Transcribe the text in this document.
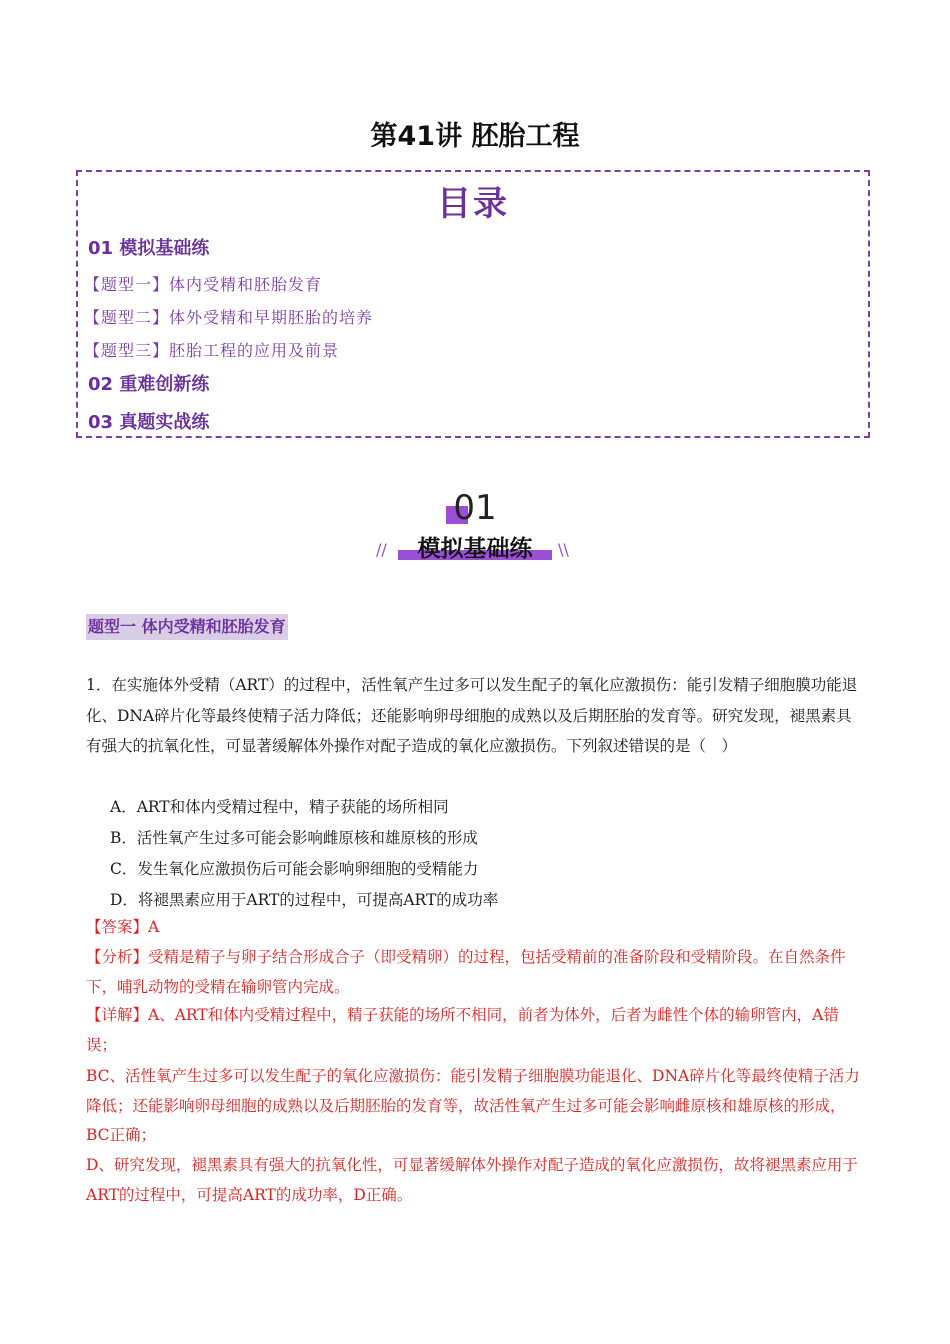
第41讲 胚胎工程
目录
01 模拟基础练
【题型一】体内受精和胚胎发育
【题型二】体外受精和早期胚胎的培养
【题型三】胚胎工程的应用及前景
02 重难创新练
03 真题实战练
01
模拟基础练
//	\\
题型一 体内受精和胚胎发育
1．在实施体外受精（ART）的过程中，活性氧产生过多可以发生配子的氧化应激损伤：能引发精子细胞膜功能退化、DNA碎片化等最终使精子活力降低；还能影响卵母细胞的成熟以及后期胚胎的发育等。研究发现，褪黑素具有强大的抗氧化性，可显著缓解体外操作对配子造成的氧化应激损伤。下列叙述错误的是（　）
A．ART和体内受精过程中，精子获能的场所相同
B．活性氧产生过多可能会影响雌原核和雄原核的形成
C．发生氧化应激损伤后可能会影响卵细胞的受精能力
D．将褪黑素应用于ART的过程中，可提高ART的成功率
【答案】A
【分析】受精是精子与卵子结合形成合子（即受精卵）的过程，包括受精前的准备阶段和受精阶段。在自然条件下，哺乳动物的受精在输卵管内完成。
【详解】A、ART和体内受精过程中，精子获能的场所不相同，前者为体外，后者为雌性个体的输卵管内，A错误；
BC、活性氧产生过多可以发生配子的氧化应激损伤：能引发精子细胞膜功能退化、DNA碎片化等最终使精子活力降低；还能影响卵母细胞的成熟以及后期胚胎的发育等，故活性氧产生过多可能会影响雌原核和雄原核的形成，BC正确；
D、研究发现，褪黑素具有强大的抗氧化性，可显著缓解体外操作对配子造成的氧化应激损伤，故将褪黑素应用于ART的过程中，可提高ART的成功率，D正确。
